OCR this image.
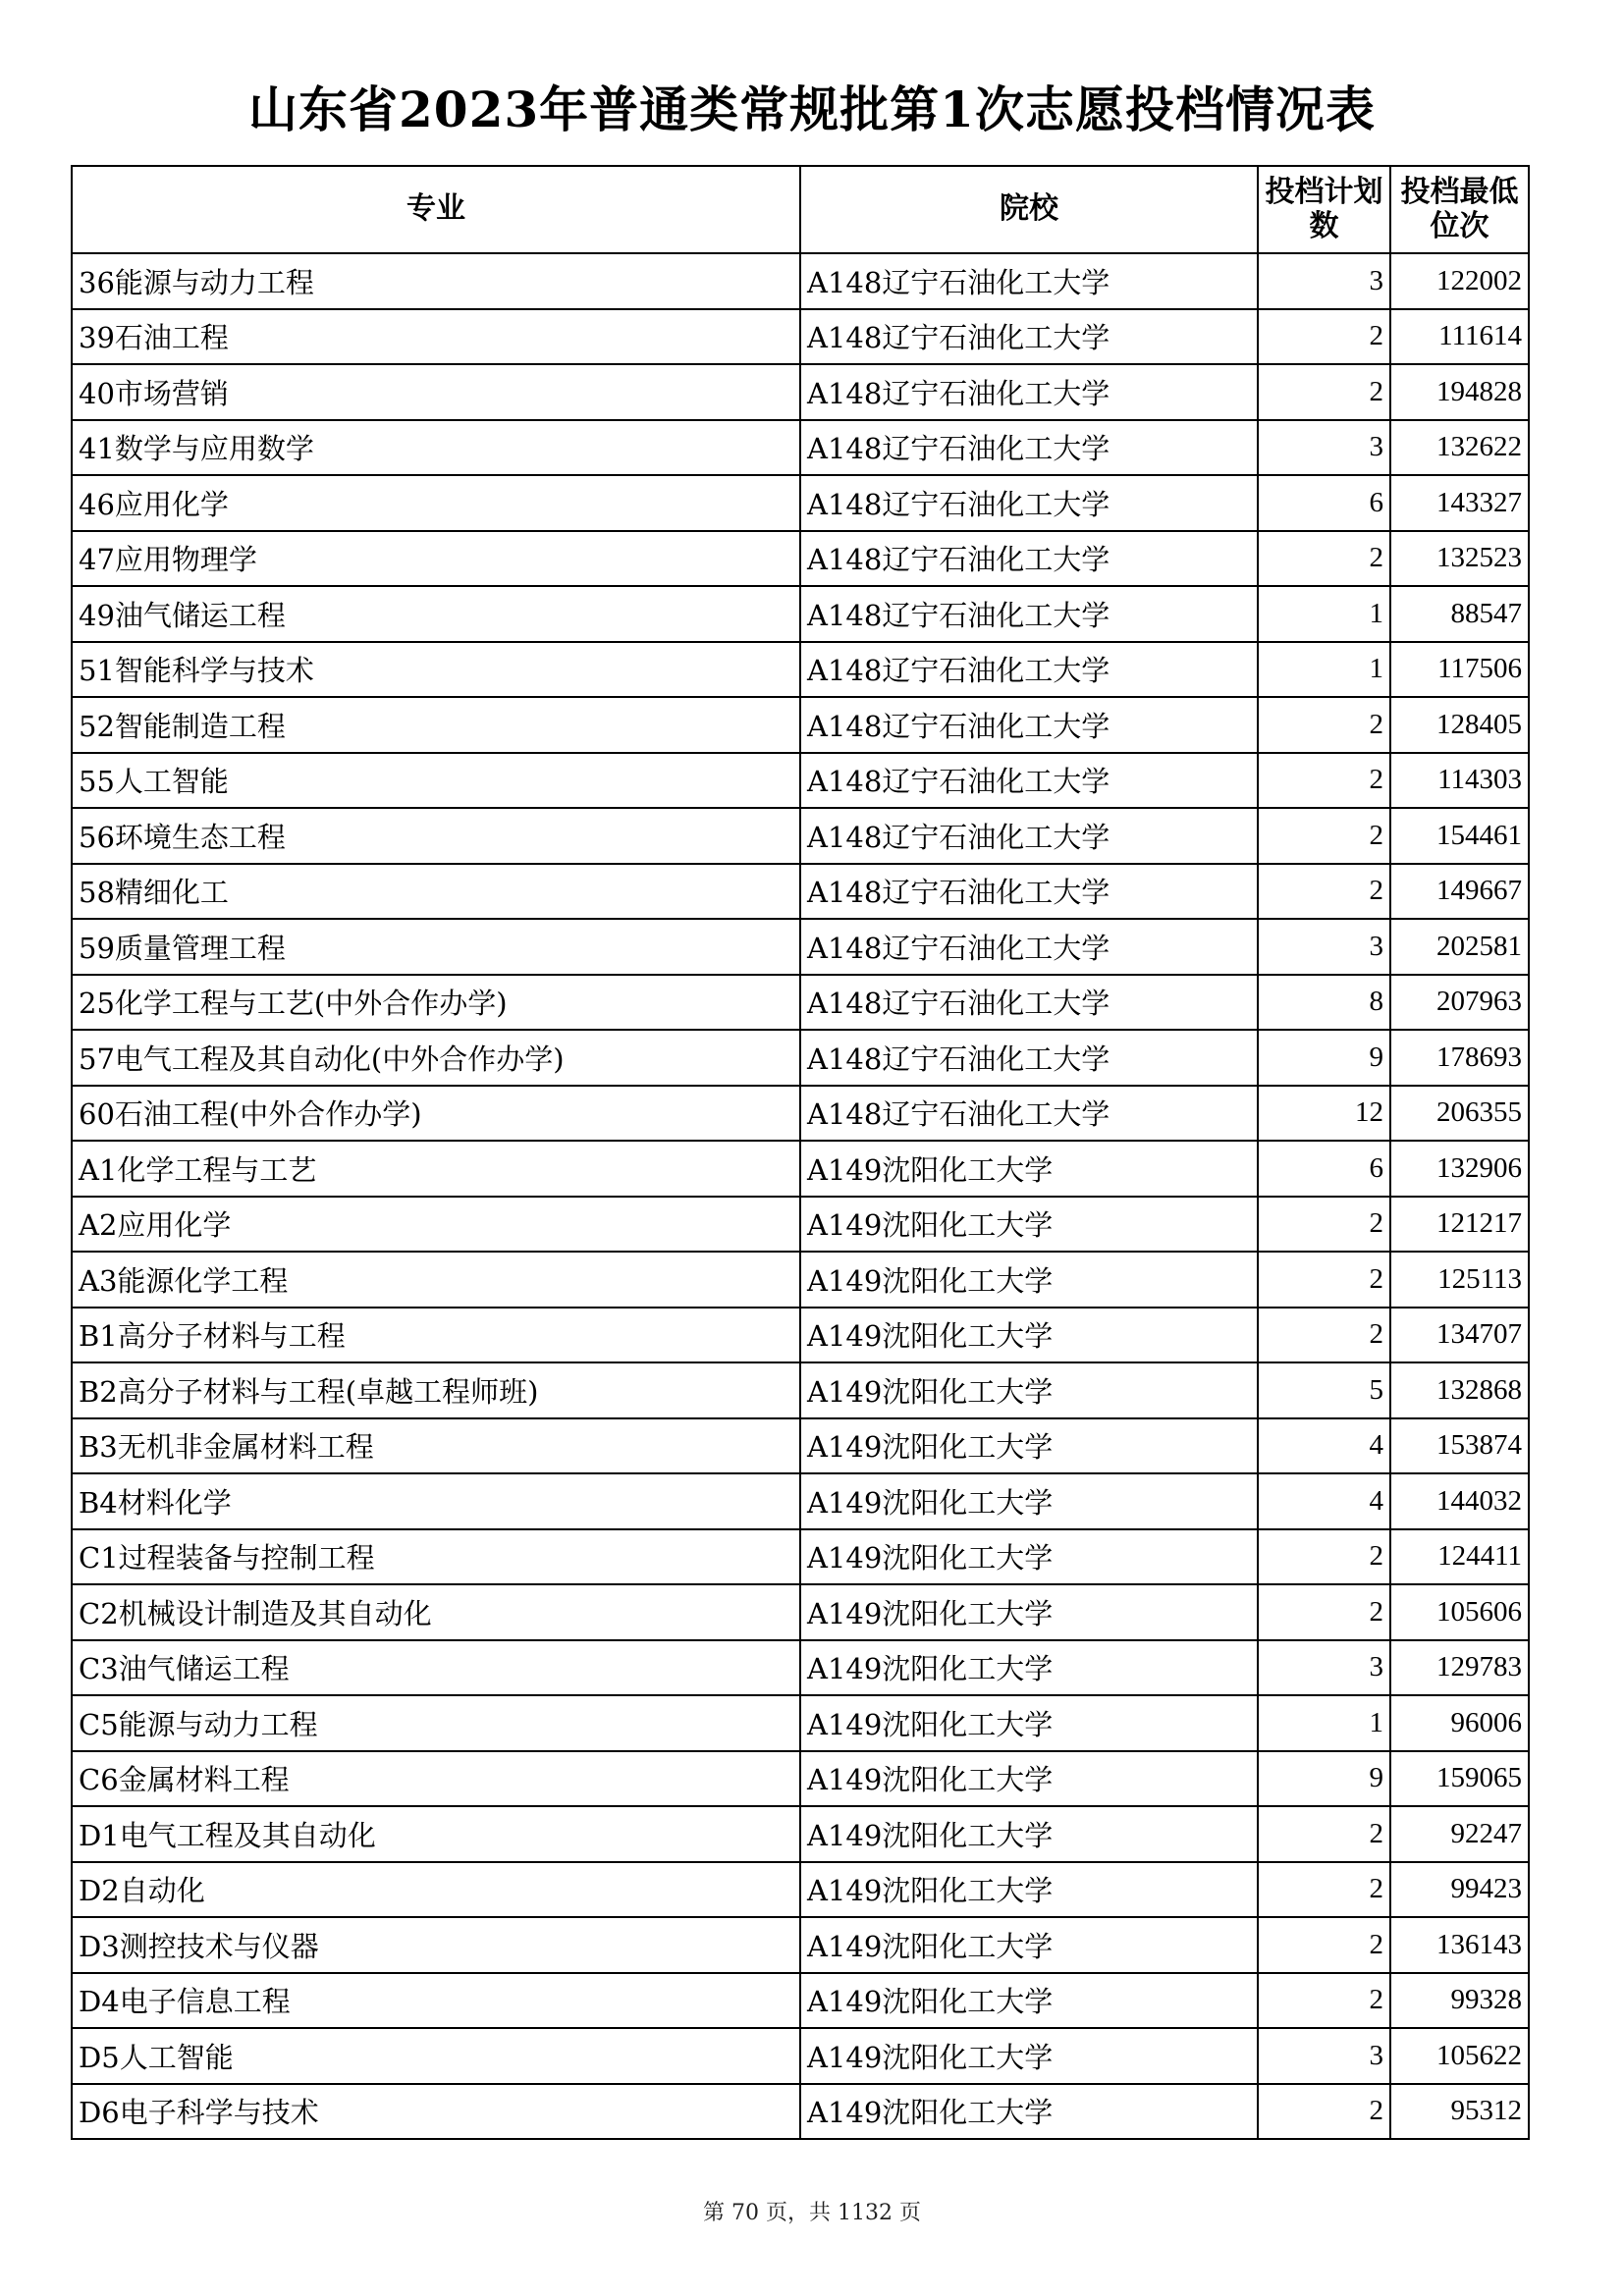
山东省2023年普通类常规批第1次志愿投档情况表
专业	院校	投档计划数	投档最低位次
36能源与动力工程	A148辽宁石油化工大学	3	122002
39石油工程	A148辽宁石油化工大学	2	111614
40市场营销	A148辽宁石油化工大学	2	194828
41数学与应用数学	A148辽宁石油化工大学	3	132622
46应用化学	A148辽宁石油化工大学	6	143327
47应用物理学	A148辽宁石油化工大学	2	132523
49油气储运工程	A148辽宁石油化工大学	1	88547
51智能科学与技术	A148辽宁石油化工大学	1	117506
52智能制造工程	A148辽宁石油化工大学	2	128405
55人工智能	A148辽宁石油化工大学	2	114303
56环境生态工程	A148辽宁石油化工大学	2	154461
58精细化工	A148辽宁石油化工大学	2	149667
59质量管理工程	A148辽宁石油化工大学	3	202581
25化学工程与工艺(中外合作办学)	A148辽宁石油化工大学	8	207963
57电气工程及其自动化(中外合作办学)	A148辽宁石油化工大学	9	178693
60石油工程(中外合作办学)	A148辽宁石油化工大学	12	206355
A1化学工程与工艺	A149沈阳化工大学	6	132906
A2应用化学	A149沈阳化工大学	2	121217
A3能源化学工程	A149沈阳化工大学	2	125113
B1高分子材料与工程	A149沈阳化工大学	2	134707
B2高分子材料与工程(卓越工程师班)	A149沈阳化工大学	5	132868
B3无机非金属材料工程	A149沈阳化工大学	4	153874
B4材料化学	A149沈阳化工大学	4	144032
C1过程装备与控制工程	A149沈阳化工大学	2	124411
C2机械设计制造及其自动化	A149沈阳化工大学	2	105606
C3油气储运工程	A149沈阳化工大学	3	129783
C5能源与动力工程	A149沈阳化工大学	1	96006
C6金属材料工程	A149沈阳化工大学	9	159065
D1电气工程及其自动化	A149沈阳化工大学	2	92247
D2自动化	A149沈阳化工大学	2	99423
D3测控技术与仪器	A149沈阳化工大学	2	136143
D4电子信息工程	A149沈阳化工大学	2	99328
D5人工智能	A149沈阳化工大学	3	105622
D6电子科学与技术	A149沈阳化工大学	2	95312
第 70 页，共 1132 页
